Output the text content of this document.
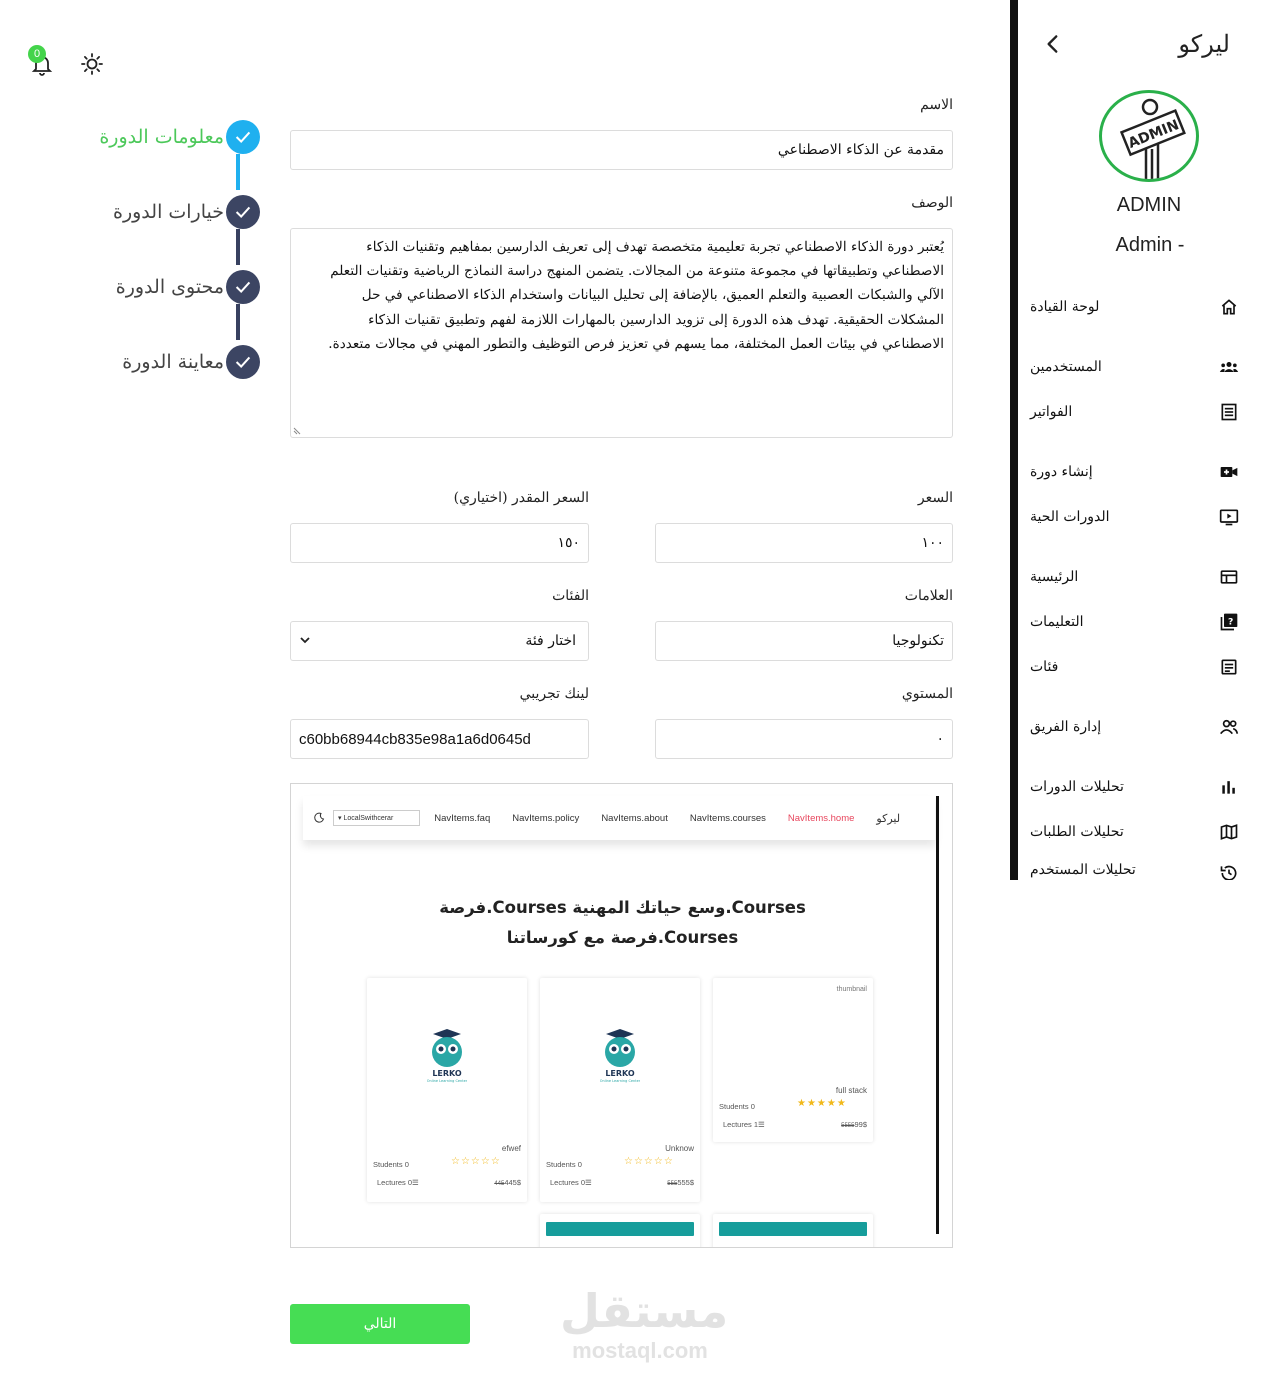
ليركو
ADMIN
ADMIN
Admin -
لوحة القيادة
المستخدمين
الفواتير
إنشاء دورة
الدورات الحية
الرئيسية
?
التعليمات
فئات
إدارة الفريق
تحليلات الدورات
تحليلات الطلبات
تحليلات المستخدم
0
معلومات الدورة
خيارات الدورة
محتوى الدورة
معاينة الدورة
الاسم
مقدمة عن الذكاء الاصطناعي
الوصف
يُعتبر دورة الذكاء الاصطناعي تجربة تعليمية متخصصة تهدف إلى تعريف الدارسين بمفاهيم وتقنيات الذكاء
الاصطناعي وتطبيقاتها في مجموعة متنوعة من المجالات. يتضمن المنهج دراسة النماذج الرياضية وتقنيات التعلم
الآلي والشبكات العصبية والتعلم العميق، بالإضافة إلى تحليل البيانات واستخدام الذكاء الاصطناعي في حل
المشكلات الحقيقية. تهدف هذه الدورة إلى تزويد الدارسين بالمهارات اللازمة لفهم وتطبيق تقنيات الذكاء
الاصطناعي في بيئات العمل المختلفة، مما يسهم في تعزيز فرص التوظيف والتطور المهني في مجالات متعددة.
السعر
١٠٠
السعر المقدر (اختياري)
١٥٠
العلامات
تكنولوجيا
الفئات
اختار فئة
المستوي
٠
لينك تجريبي
c60bb68944cb835e98a1a6d0645d
▾ LocalSwithcerar	NavItems.faq NavItems.policy NavItems.about NavItems.courses NavItems.home ليركو
Courses.وسع حياتك المهنية Courses.فرصة
Courses.فرصة مع كورساتنا
LERKO
Online Learning Center
efwef
Students 0	☆☆☆☆☆
Lectures 0☰	445445$
LERKO
Online Learning Center
Unknow
Students 0	☆☆☆☆☆
Lectures 0☰	555555$
thumbnail
full stack
Students 0	★★★★★
Lectures 1☰	555599$
التالي	مستقل
mostaql.com
